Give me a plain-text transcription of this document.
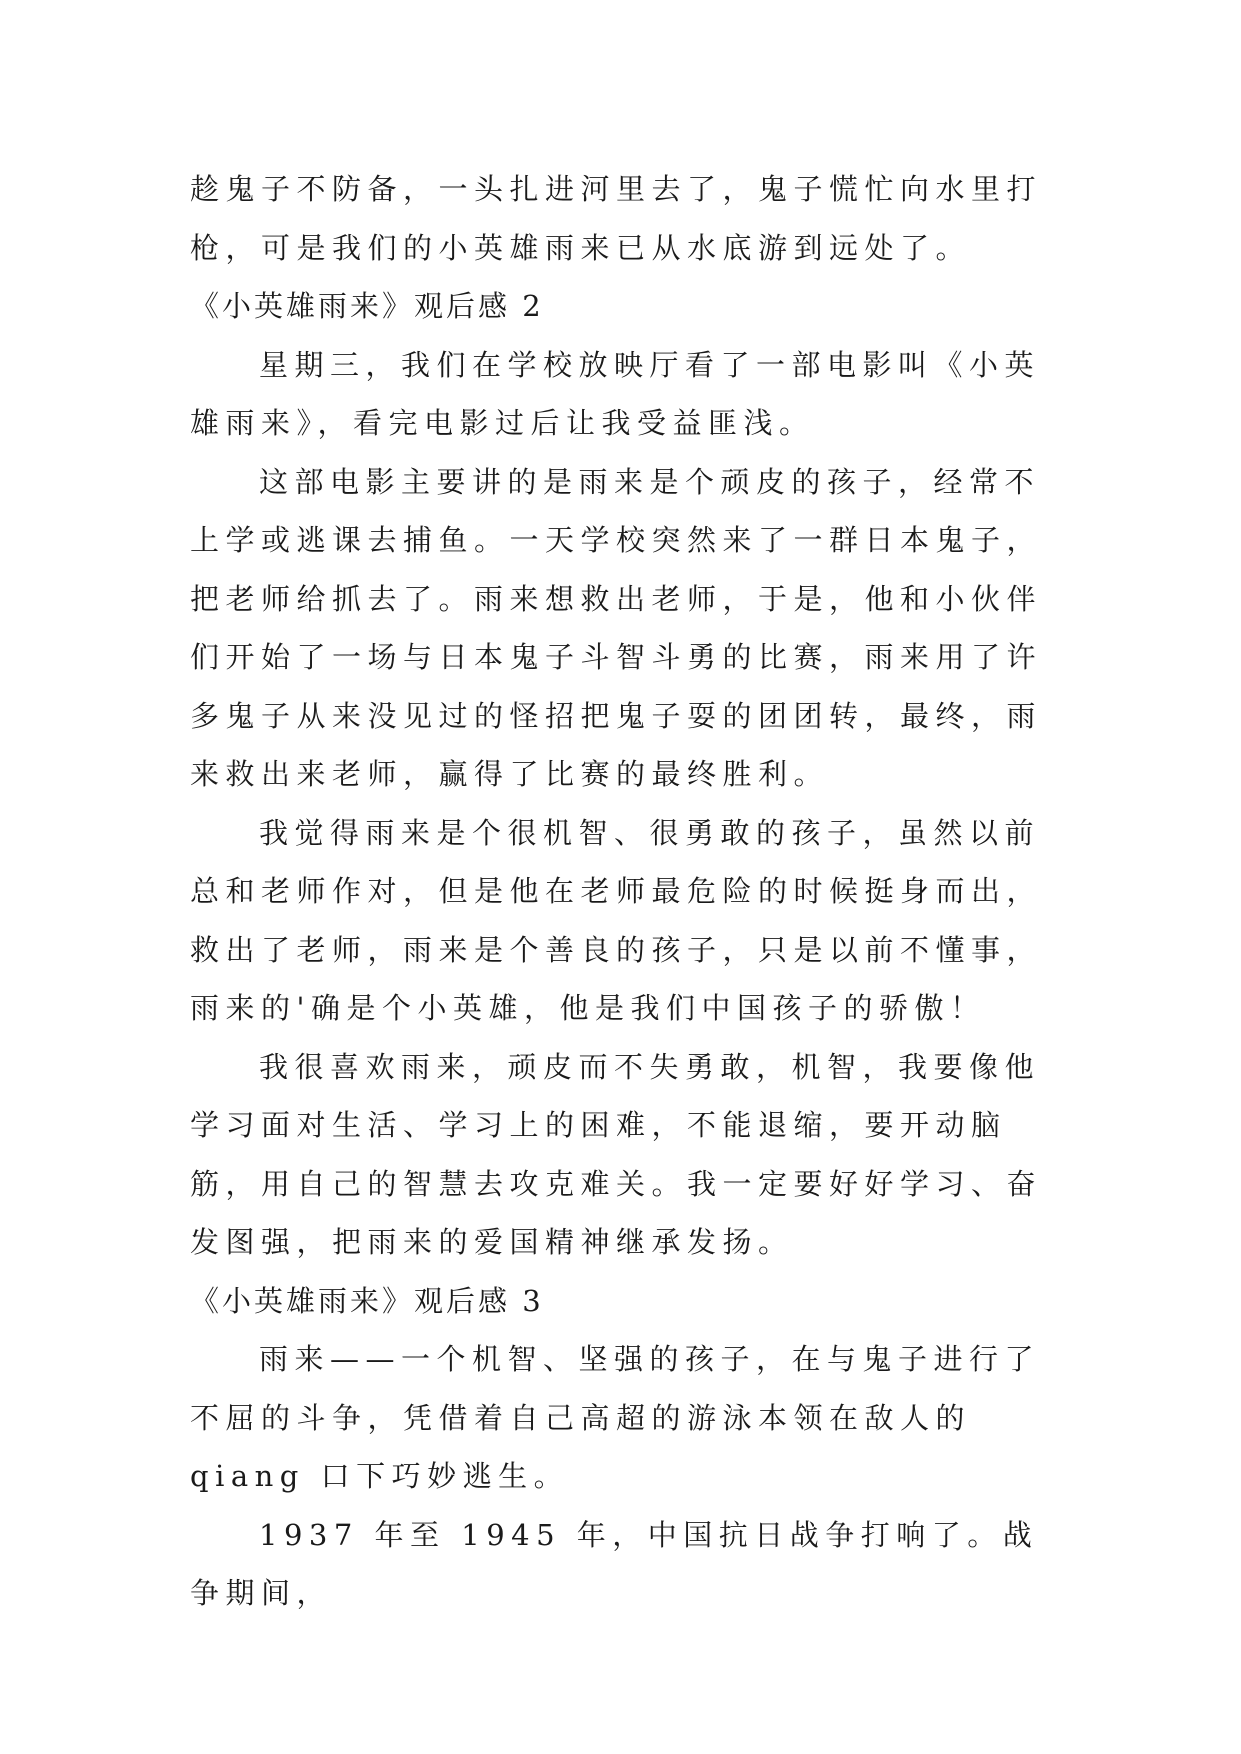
趁鬼子不防备，一头扎进河里去了，鬼子慌忙向水里打枪，可是我们的小英雄雨来已从水底游到远处了。

《小英雄雨来》观后感 2

星期三，我们在学校放映厅看了一部电影叫《小英雄雨来》，看完电影过后让我受益匪浅。

这部电影主要讲的是雨来是个顽皮的孩子，经常不上学或逃课去捕鱼。一天学校突然来了一群日本鬼子，把老师给抓去了。雨来想救出老师，于是，他和小伙伴们开始了一场与日本鬼子斗智斗勇的比赛，雨来用了许多鬼子从来没见过的怪招把鬼子耍的团团转，最终，雨来救出来老师，赢得了比赛的最终胜利。

我觉得雨来是个很机智、很勇敢的孩子，虽然以前总和老师作对，但是他在老师最危险的时候挺身而出，救出了老师，雨来是个善良的孩子，只是以前不懂事，雨来的'确是个小英雄，他是我们中国孩子的骄傲！

我很喜欢雨来，顽皮而不失勇敢，机智，我要像他学习面对生活、学习上的困难，不能退缩，要开动脑筋，用自己的智慧去攻克难关。我一定要好好学习、奋发图强，把雨来的爱国精神继承发扬。

《小英雄雨来》观后感 3

雨来——一个机智、坚强的孩子，在与鬼子进行了不屈的斗争，凭借着自己高超的游泳本领在敌人的 qiang 口下巧妙逃生。

1937 年至 1945 年，中国抗日战争打响了。战争期间，
